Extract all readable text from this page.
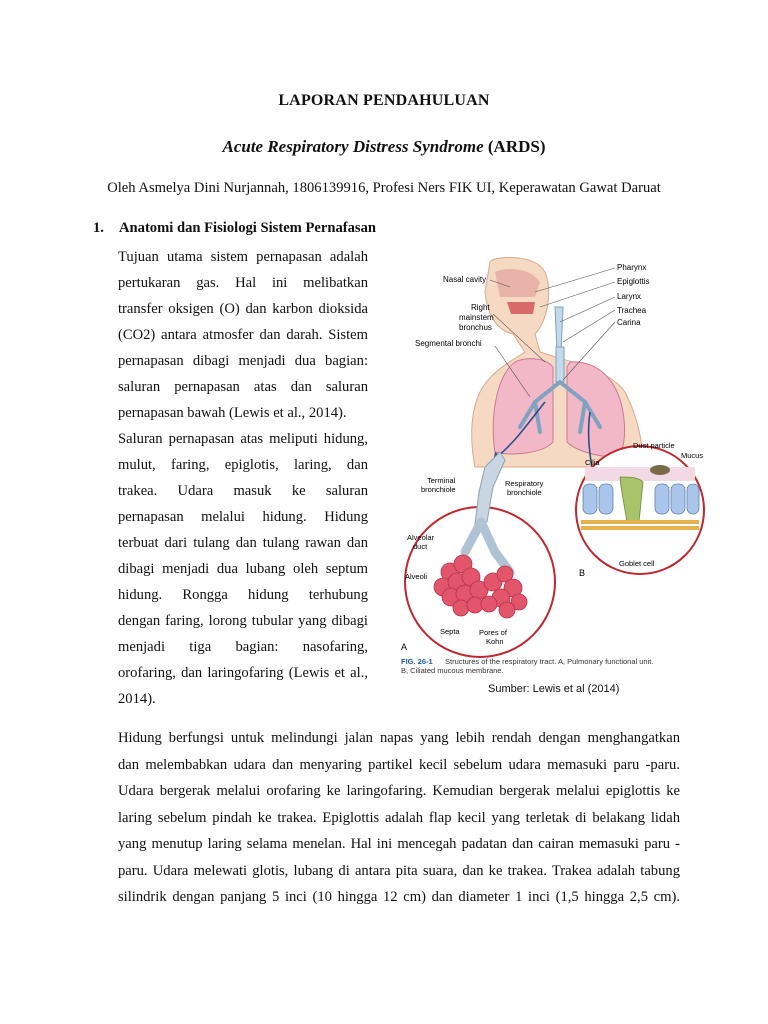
LAPORAN PENDAHULUAN
Acute Respiratory Distress Syndrome (ARDS)
Oleh Asmelya Dini Nurjannah, 1806139916, Profesi Ners FIK UI, Keperawatan Gawat Daruat
1. Anatomi dan Fisiologi Sistem Pernafasan
Tujuan utama sistem pernapasan adalah
pertukaran gas. Hal ini melibatkan
transfer oksigen (O) dan karbon dioksida
(CO2) antara atmosfer dan darah. Sistem
pernapasan dibagi menjadi dua bagian:
saluran pernapasan atas dan saluran
pernapasan bawah (Lewis et al., 2014).
Saluran pernapasan atas meliputi hidung,
mulut, faring, epiglotis, laring, dan
trakea. Udara masuk ke saluran
pernapasan melalui hidung. Hidung
terbuat dari tulang dan tulang rawan dan
dibagi menjadi dua lubang oleh septum
hidung. Rongga hidung terhubung
dengan faring, lorong tubular yang dibagi
menjadi tiga bagian: nasofaring,
orofaring, dan laringofaring (Lewis et al.,
2014).
Nasal cavity
Right
mainstem
bronchus
Segmental bronchi
Pharynx
Epiglottis
Larynx
Trachea
Carina
Terminal
bronchiole
Respiratory
bronchiole
Alveolar
duct
Alveoli
Septa	Pores of
Kohn
A
Dust particle
Cilia
Mucus
Goblet cell
B
FIG. 26-1 Structures of the respiratory tract. A, Pulmonary functional unit.
B, Ciliated mucous membrane.
Sumber: Lewis et al (2014)
Hidung berfungsi untuk melindungi jalan napas yang lebih rendah dengan menghangatkan
dan melembabkan udara dan menyaring partikel kecil sebelum udara memasuki paru -paru.
Udara bergerak melalui orofaring ke laringofaring. Kemudian bergerak melalui epiglottis ke
laring sebelum pindah ke trakea. Epiglottis adalah flap kecil yang terletak di belakang lidah
yang menutup laring selama menelan. Hal ini mencegah padatan dan cairan memasuki paru -
paru. Udara melewati glotis, lubang di antara pita suara, dan ke trakea. Trakea adalah tabung
silindrik dengan panjang 5 inci (10 hingga 12 cm) dan diameter 1 inci (1,5 hingga 2,5 cm).
